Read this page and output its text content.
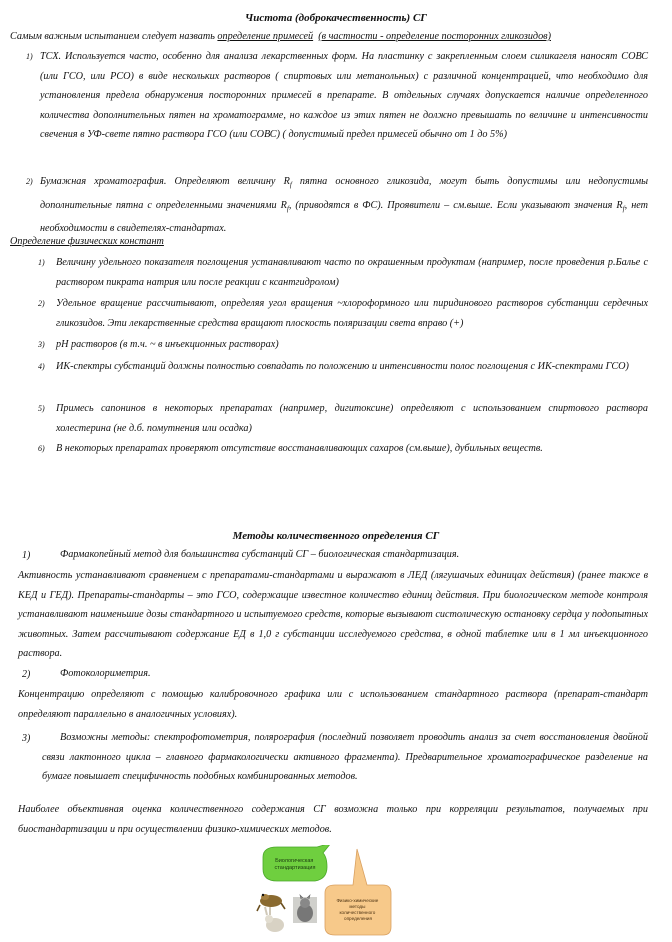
Чистота (доброкачественность) СГ
Самым важным испытанием следует назвать определение примесей (в частности - определение посторонних гликозидов)
1) ТСХ. Используется часто, особенно для анализа лекарственных форм. На пластинку с закрепленным слоем силикагеля наносят СОВС (или ГСО, или РСО) в виде нескольких растворов ( спиртовых или метанольных) с различной концентрацией, что необходимо для установления предела обнаружения посторонних примесей в препарате. В отдельных случаях допускается наличие определенного количества дополнительных пятен на хроматограмме, но каждое из этих пятен не должно превышать по величине и интенсивности свечения в УФ-свете пятно раствора ГСО (или СОВС) ( допустимый предел примесей обычно от 1 до 5%)
2) Бумажная хроматография. Определяют величину $R_f$ пятна основного гликозида, могут быть допустимы или недопустимы дополнительные пятна с определенными значениями $R_f$, (приводятся в ФС). Проявители – см.выше. Если указывают значения $R_f$, нет необходимости в свидетелях-стандартах.
Определение физических констант
1) Величину удельного показателя поглощения устанавливают часто по окрашенным продуктам (например, после проведения р.Балье с раствором пикрата натрия или после реакции с ксантгидролом)
2) Удельное вращение рассчитывают, определяя угол вращения ~хлороформного или пиридинового растворов субстанции сердечных гликозидов. Эти лекарственные средства вращают плоскость поляризации света вправо (+)
3) pH растворов (в т.ч. ~ в инъекционных растворах)
4) ИК-спектры субстанций должны полностью совпадать по положению и интенсивности полос поглощения с ИК-спектрами ГСО)
5) Примесь сапонинов в некоторых препаратах (например, дигитоксине) определяют с использованием спиртового раствора холестерина (не д.б. помутнения или осадка)
6) В некоторых препаратах проверяют отсутствие восстанавливающих сахаров (см.выше), дубильных веществ.
Методы количественного определения СГ
1)	Фармакопейный метод для большинства субстанций СГ – биологическая стандартизация.
Активность устанавливают сравнением с препаратами-стандартами и выражают в ЛЕД (лягушачьих единицах действия) (ранее также в КЕД и ГЕД). Препараты-стандарты – это ГСО, содержащие известное количество единиц действия. При биологическом методе контроля устанавливают наименьшие дозы стандартного и испытуемого средств, которые вызывают систолическую остановку сердца у подопытных животных. Затем рассчитывают содержание ЕД в 1,0 г субстанции исследуемого средства, в одной таблетке или в 1 мл инъекционного раствора.
2)	Фотоколориметрия.
Концентрацию определяют с помощью калибровочного графика или с использованием стандартного раствора (препарат-стандарт определяют параллельно в аналогичных условиях).
3)	Возможны методы: спектрофотометрия, полярография (последний позволяет проводить анализ за счет восстановления двойной связи лактонного цикла – главного фармакологически активного фрагмента). Предварительное хроматографическое разделение на бумаге повышает специфичность подобных комбинированных методов.
Наиболее объективная оценка количественного содержания СГ возможна только при корреляции результатов, получаемых при биостандартизации и при осуществлении физико-химических методов.
Биологическая стандартизация
Физико-химические методы количественного определения
